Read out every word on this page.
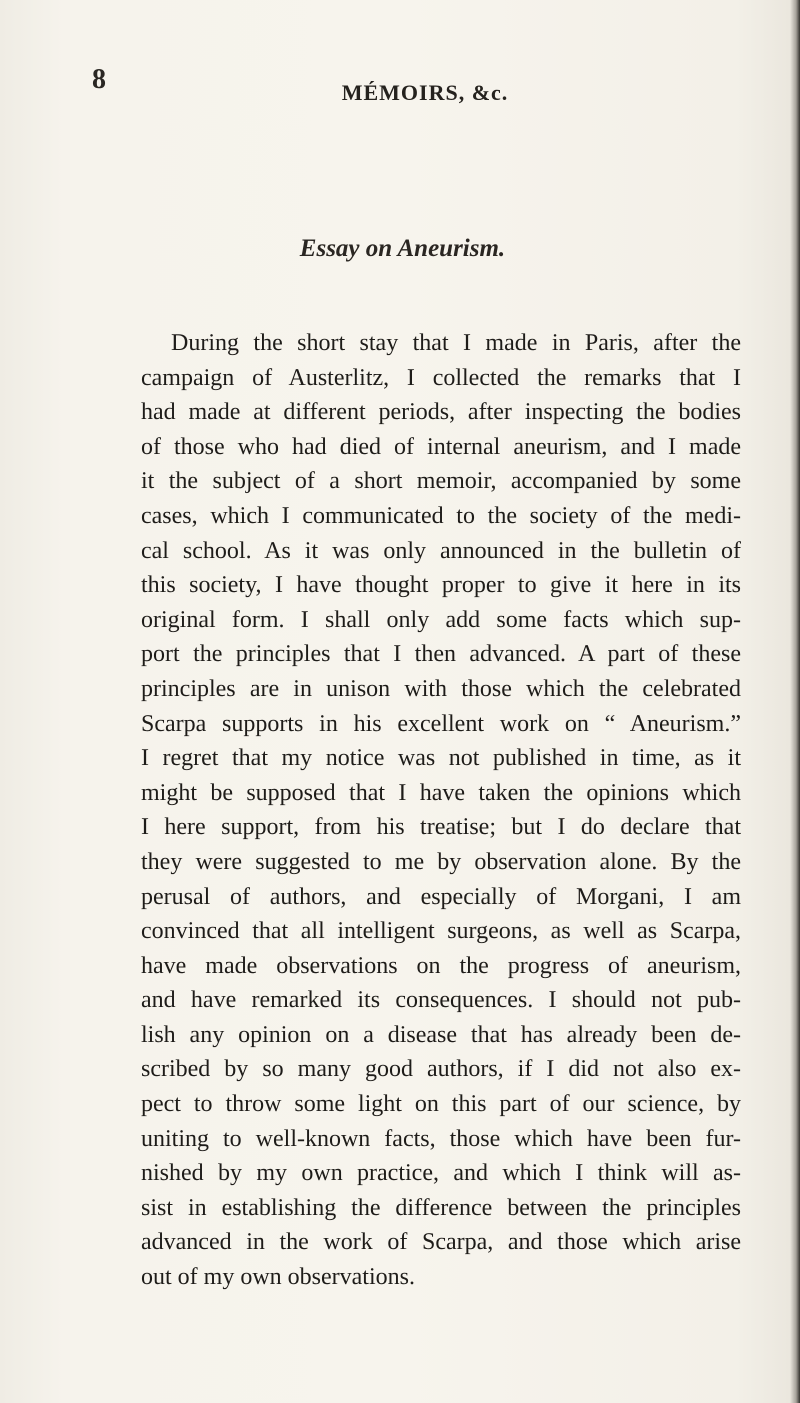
8	MÉMOIRS, &c.
Essay on Aneurism.
During the short stay that I made in Paris, after the
campaign of Austerlitz, I collected the remarks that I
had made at different periods, after inspecting the bodies
of those who had died of internal aneurism, and I made
it the subject of a short memoir, accompanied by some
cases, which I communicated to the society of the medi-
cal school. As it was only announced in the bulletin of
this society, I have thought proper to give it here in its
original form. I shall only add some facts which sup-
port the principles that I then advanced. A part of these
principles are in unison with those which the celebrated
Scarpa supports in his excellent work on “ Aneurism.”
I regret that my notice was not published in time, as it
might be supposed that I have taken the opinions which
I here support, from his treatise; but I do declare that
they were suggested to me by observation alone. By the
perusal of authors, and especially of Morgani, I am
convinced that all intelligent surgeons, as well as Scarpa,
have made observations on the progress of aneurism,
and have remarked its consequences. I should not pub-
lish any opinion on a disease that has already been de-
scribed by so many good authors, if I did not also ex-
pect to throw some light on this part of our science, by
uniting to well-known facts, those which have been fur-
nished by my own practice, and which I think will as-
sist in establishing the difference between the principles
advanced in the work of Scarpa, and those which arise
out of my own observations.
